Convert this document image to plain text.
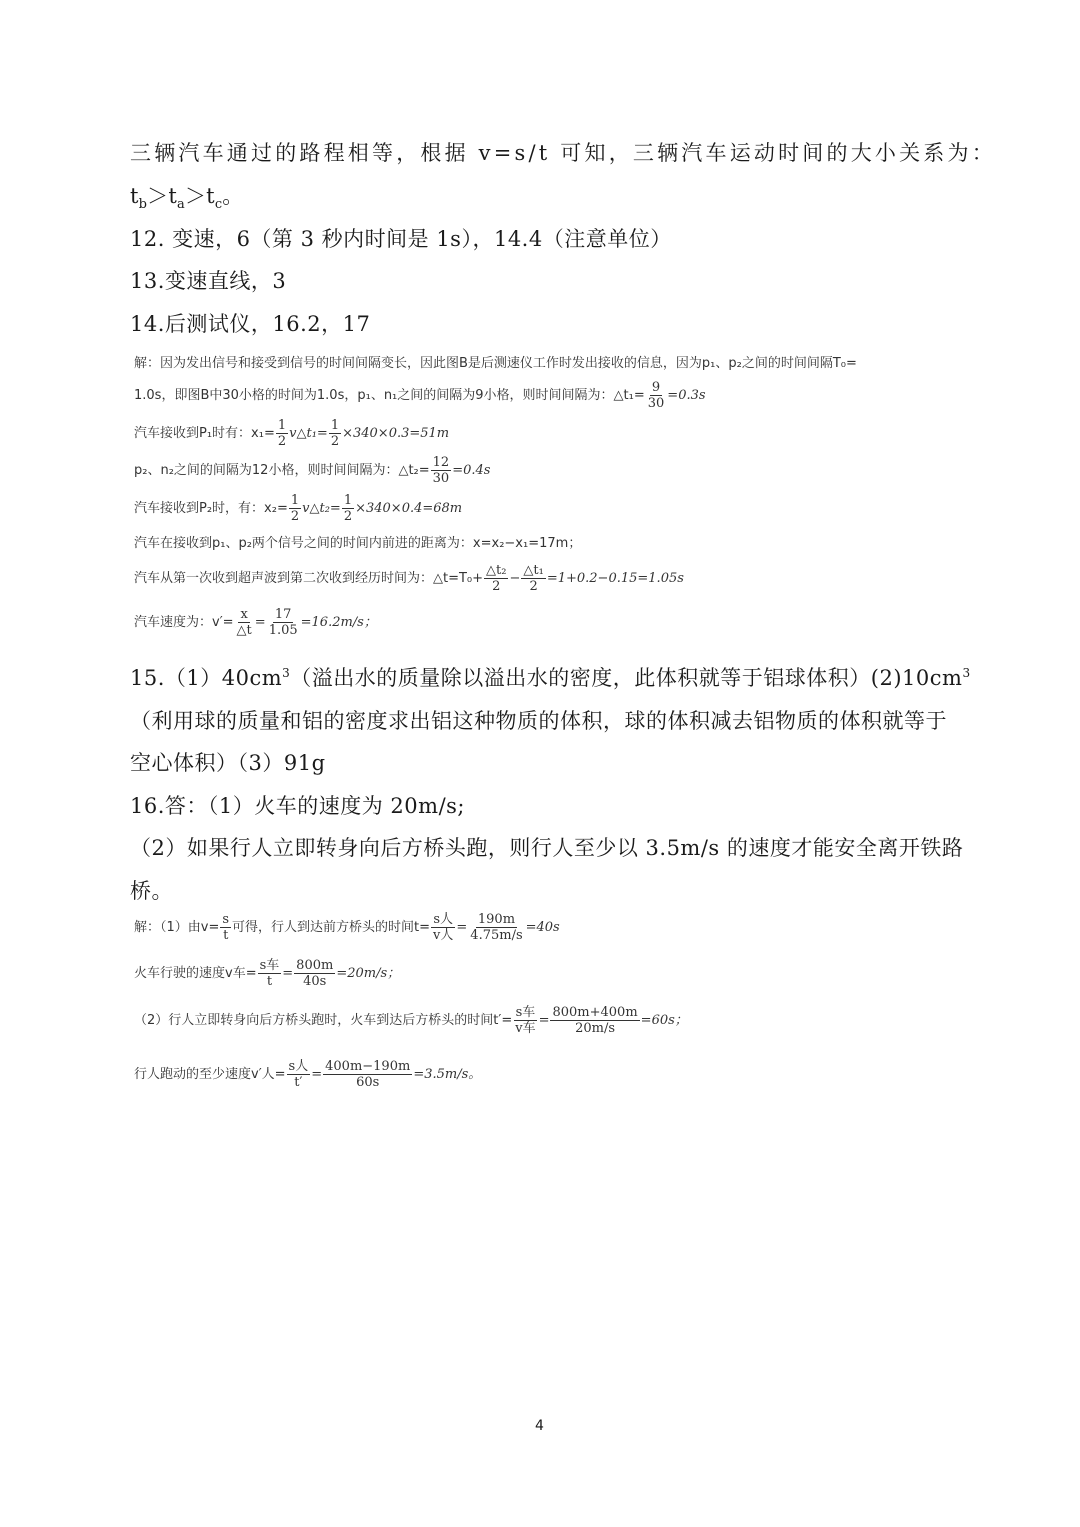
三辆汽车通过的路程相等，根据 v=s/t 可知，三辆汽车运动时间的大小关系为：
$t_b>t_a>t_c$。
12. 变速，6（第 3 秒内时间是 1s），14.4（注意单位）
13.变速直线，3
14.后测试仪，16.2，17
解：因为发出信号和接受到信号的时间间隔变长，因此图B是后测速仪工作时发出接收的信息，因为p₁、p₂之间的时间间隔T₀=
1.0s，即图B中30小格的时间为1.0s，p₁、n₁之间的间隔为9小格，则时间间隔为：△t₁= $\frac{9}{30} =0.3s$
汽车接收到P₁时有：$x_1= \frac{1}{2}$ v△t₁= $\frac{1}{2} \times 340\times 0.3=51m$
p₂、n₂之间的间隔为12小格，则时间间隔为：△t₂= $\frac{12}{30} =0.4s$
汽车接收到P₂时，有：$x_2= \frac{1}{2}$ v△t₂= $\frac{1}{2} \times 340\times 0.4=68m$
汽车在接收到p₁、p₂两个信号之间的时间内前进的距离为：x=x₂−x₁=17m；
汽车从第一次收到超声波到第二次收到经历时间为：△t=T₀+ $\frac{\text{△t₂}}{2} - \frac{\text{△t₁}}{2} =1+0.2-0.15=1.05s$
汽车速度为：$v'= \frac{x}{\triangle t} = \frac{17}{1.05} =16.2m/s$；
$15.(1)40cm^3$（溢出水的质量除以溢出水的密度，此体积就等于铝球体积）$(2)10cm^3$
（利用球的质量和铝的密度求出铝这种物质的体积，球的体积减去铝物质的体积就等于
空心体积）（3）91g
16.答：（1）火车的速度为 20m/s;
（2）如果行人立即转身向后方桥头跑，则行人至少以 3.5m/s 的速度才能安全离开铁路
桥。
解：（1）由$v= \frac{s}{t}$ 可得，行人到达前方桥头的时间$t= \frac{\text{s人}}{\text{v人}} = \frac{190m}{4.75m/s} =40s$
火车行驶的速度v车= $\frac{\text{s车}}{t} = \frac{800m}{40s} =20m/s$；
（2）行人立即转身向后方桥头跑时，火车到达后方桥头的时间$t'= \frac{\text{s车}}{\text{v车}} = \frac{800m+400m}{20m/s} =60s$；
行人跑动的至少速度v′人= $\frac{\text{s人}}{t'} = \frac{400m-190m}{60s} =3.5m/s$。
4
